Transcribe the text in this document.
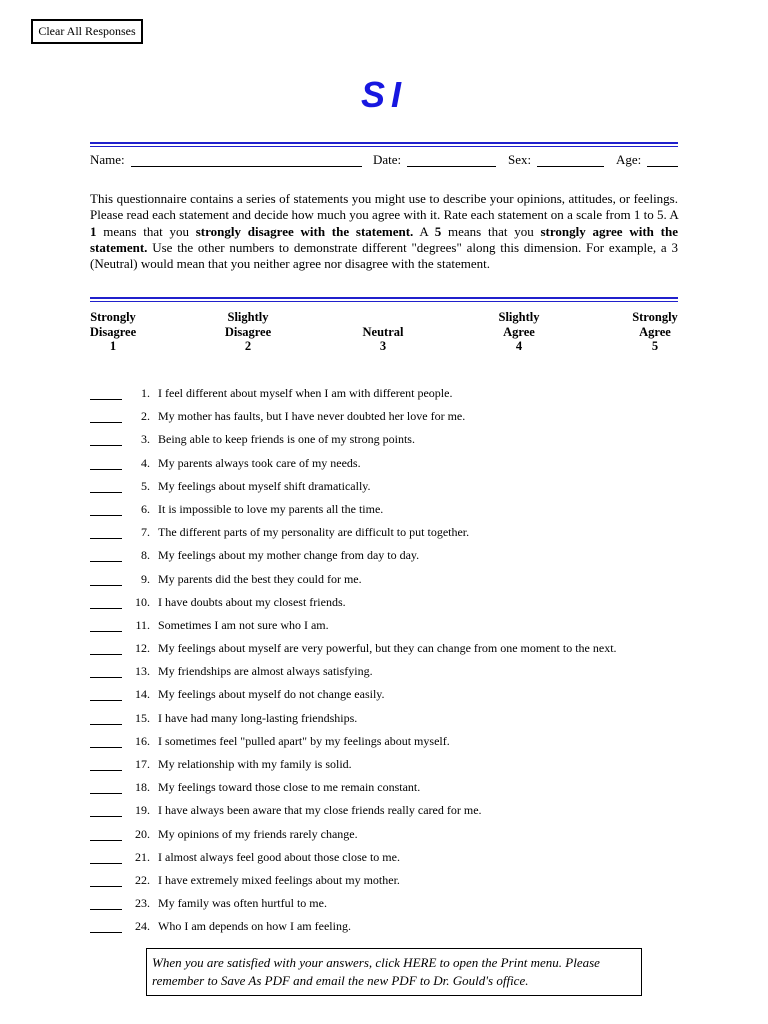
Clear All Responses
SI
Name:	Date:	Sex:	Age:
This questionnaire contains a series of statements you might use to describe your opinions, attitudes, or feelings. Please read each statement and decide how much you agree with it. Rate each statement on a scale from 1 to 5. A 1 means that you strongly disagree with the statement. A 5 means that you strongly agree with the statement. Use the other numbers to demonstrate different "degrees" along this dimension. For example, a 3 (Neutral) would mean that you neither agree nor disagree with the statement.
Strongly
Disagree
1
Slightly
Disagree
2
Neutral
3
Slightly
Agree
4
Strongly
Agree
5
1. I feel different about myself when I am with different people.
2. My mother has faults, but I have never doubted her love for me.
3. Being able to keep friends is one of my strong points.
4. My parents always took care of my needs.
5. My feelings about myself shift dramatically.
6. It is impossible to love my parents all the time.
7. The different parts of my personality are difficult to put together.
8. My feelings about my mother change from day to day.
9. My parents did the best they could for me.
10. I have doubts about my closest friends.
11. Sometimes I am not sure who I am.
12. My feelings about myself are very powerful, but they can change from one moment to the next.
13. My friendships are almost always satisfying.
14. My feelings about myself do not change easily.
15. I have had many long-lasting friendships.
16. I sometimes feel "pulled apart" by my feelings about myself.
17. My relationship with my family is solid.
18. My feelings toward those close to me remain constant.
19. I have always been aware that my close friends really cared for me.
20. My opinions of my friends rarely change.
21. I almost always feel good about those close to me.
22. I have extremely mixed feelings about my mother.
23. My family was often hurtful to me.
24. Who I am depends on how I am feeling.
When you are satisfied with your answers, click HERE to open the Print menu. Please remember to Save As PDF and email the new PDF to Dr. Gould's office.
